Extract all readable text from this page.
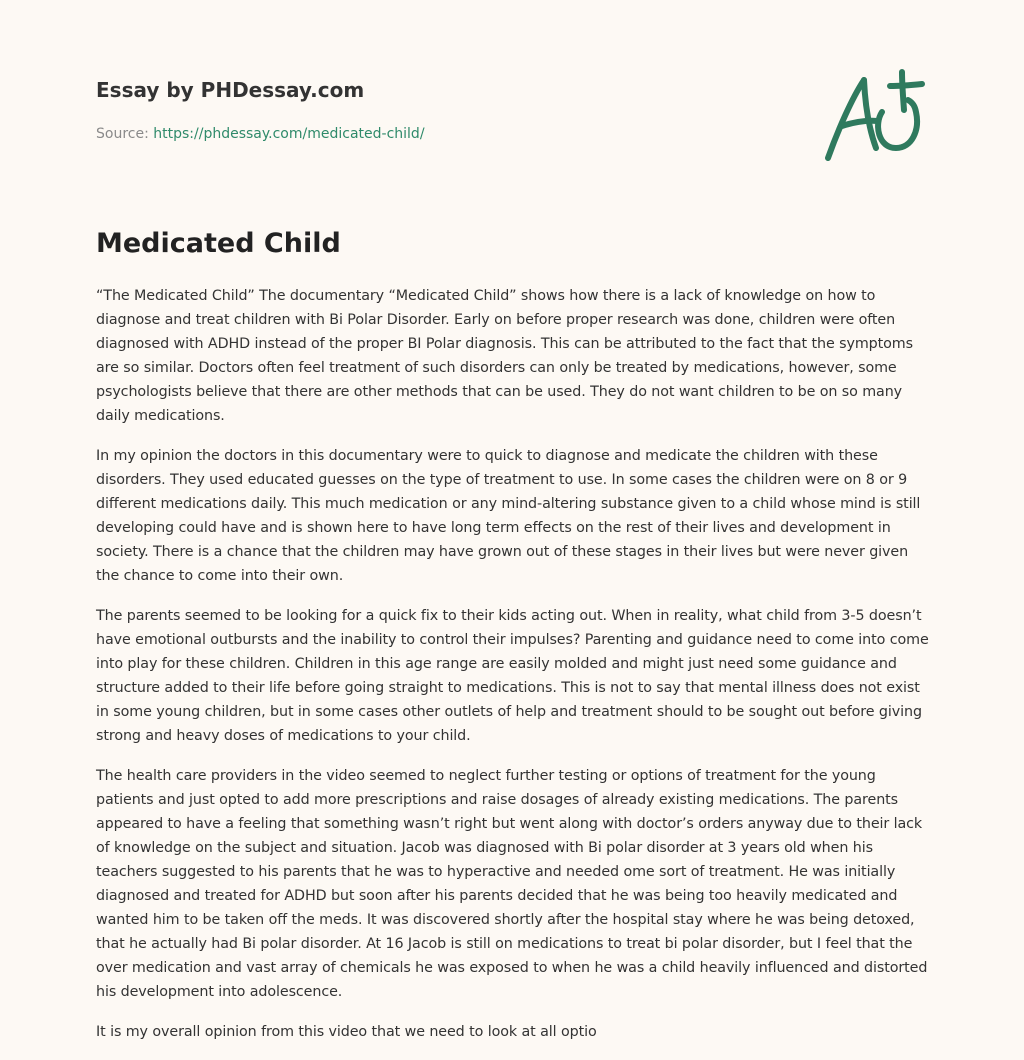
Essay by PHDessay.com
Source: https://phdessay.com/medicated-child/
Medicated Child

“The Medicated Child” The documentary “Medicated Child” shows how there is a lack of knowledge on how to diagnose and treat children with Bi Polar Disorder. Early on before proper research was done, children were often diagnosed with ADHD instead of the proper BI Polar diagnosis. This can be attributed to the fact that the symptoms are so similar. Doctors often feel treatment of such disorders can only be treated by medications, however, some psychologists believe that there are other methods that can be used. They do not want children to be on so many daily medications.

In my opinion the doctors in this documentary were to quick to diagnose and medicate the children with these disorders. They used educated guesses on the type of treatment to use. In some cases the children were on 8 or 9 different medications daily. This much medication or any mind-altering substance given to a child whose mind is still developing could have and is shown here to have long term effects on the rest of their lives and development in society. There is a chance that the children may have grown out of these stages in their lives but were never given the chance to come into their own.

The parents seemed to be looking for a quick fix to their kids acting out. When in reality, what child from 3-5 doesn’t have emotional outbursts and the inability to control their impulses? Parenting and guidance need to come into come into play for these children. Children in this age range are easily molded and might just need some guidance and structure added to their life before going straight to medications. This is not to say that mental illness does not exist in some young children, but in some cases other outlets of help and treatment should to be sought out before giving strong and heavy doses of medications to your child.

The health care providers in the video seemed to neglect further testing or options of treatment for the young patients and just opted to add more prescriptions and raise dosages of already existing medications. The parents appeared to have a feeling that something wasn’t right but went along with doctor’s orders anyway due to their lack of knowledge on the subject and situation. Jacob was diagnosed with Bi polar disorder at 3 years old when his teachers suggested to his parents that he was to hyperactive and needed ome sort of treatment. He was initially diagnosed and treated for ADHD but soon after his parents decided that he was being too heavily medicated and wanted him to be taken off the meds. It was discovered shortly after the hospital stay where he was being detoxed, that he actually had Bi polar disorder. At 16 Jacob is still on medications to treat bi polar disorder, but I feel that the over medication and vast array of chemicals he was exposed to when he was a child heavily influenced and distorted his development into adolescence.

It is my overall opinion from this video that we need to look at all optio
